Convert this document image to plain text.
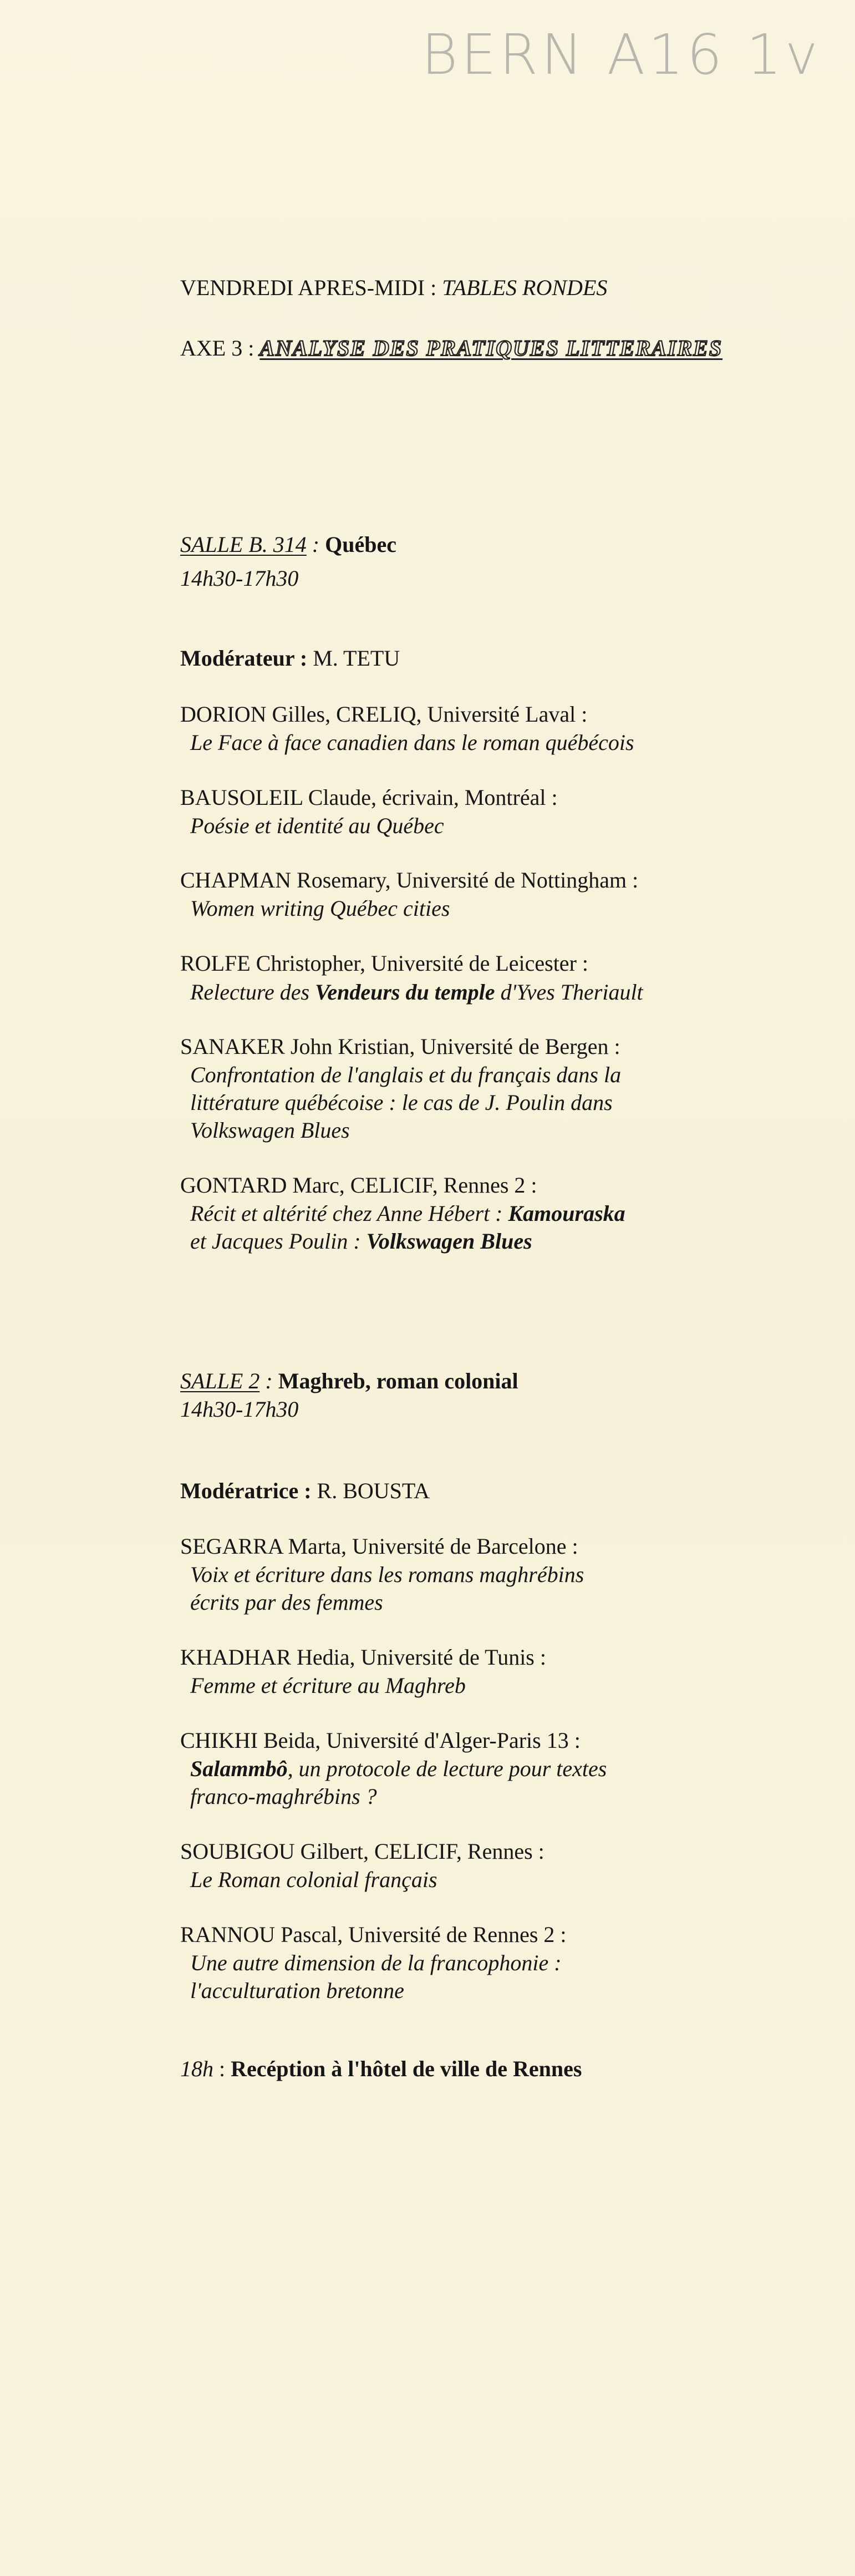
BERN A16 1v
VENDREDI APRES-MIDI : TABLES RONDES
AXE 3 : ANALYSE DES PRATIQUES LITTERAIRES
SALLE B. 314 : Québec
14h30-17h30
Modérateur : M. TETU
DORION Gilles, CRELIQ, Université Laval :
Le Face à face canadien dans le roman québécois
BAUSOLEIL Claude, écrivain, Montréal :
Poésie et identité au Québec
CHAPMAN Rosemary, Université de Nottingham :
Women writing Québec cities
ROLFE Christopher, Université de Leicester :
Relecture des Vendeurs du temple d'Yves Theriault
SANAKER John Kristian, Université de Bergen :
Confrontation de l'anglais et du français dans la
littérature québécoise : le cas de J. Poulin dans
Volkswagen Blues
GONTARD Marc, CELICIF, Rennes 2 :
Récit et altérité chez Anne Hébert : Kamouraska
et Jacques Poulin : Volkswagen Blues
SALLE 2 : Maghreb, roman colonial
14h30-17h30
Modératrice : R. BOUSTA
SEGARRA Marta, Université de Barcelone :
Voix et écriture dans les romans maghrébins
écrits par des femmes
KHADHAR Hedia, Université de Tunis :
Femme et écriture au Maghreb
CHIKHI Beida, Université d'Alger-Paris 13 :
Salammbô, un protocole de lecture pour textes
franco-maghrébins ?
SOUBIGOU Gilbert, CELICIF, Rennes :
Le Roman colonial français
RANNOU Pascal, Université de Rennes 2 :
Une autre dimension de la francophonie :
l'acculturation bretonne
18h : Recéption à l'hôtel de ville de Rennes
